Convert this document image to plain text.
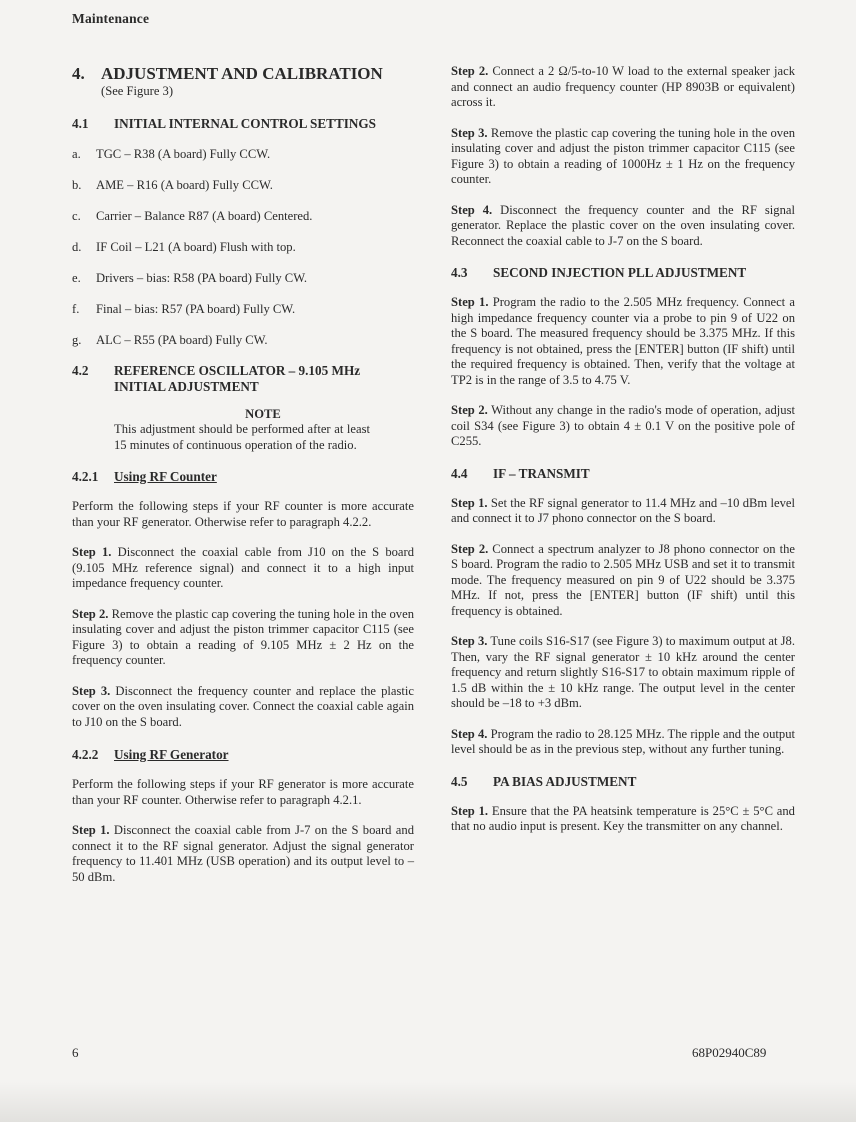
Maintenance
4. ADJUSTMENT AND CALIBRATION
(See Figure 3)
4.1 INITIAL INTERNAL CONTROL SETTINGS
a. TGC – R38 (A board) Fully CCW.
b. AME – R16 (A board) Fully CCW.
c. Carrier – Balance R87 (A board) Centered.
d. IF Coil – L21 (A board) Flush with top.
e. Drivers – bias: R58 (PA board) Fully CW.
f. Final – bias: R57 (PA board) Fully CW.
g. ALC – R55 (PA board) Fully CW.
4.2 REFERENCE OSCILLATOR – 9.105 MHz INITIAL ADJUSTMENT
NOTE
This adjustment should be performed after at least 15 minutes of continuous operation of the radio.
4.2.1 Using RF Counter

Perform the following steps if your RF counter is more accurate than your RF generator. Otherwise refer to paragraph 4.2.2.

Step 1. Disconnect the coaxial cable from J10 on the S board (9.105 MHz reference signal) and connect it to a high input impedance frequency counter.

Step 2. Remove the plastic cap covering the tuning hole in the oven insulating cover and adjust the piston trimmer capacitor C115 (see Figure 3) to obtain a reading of 9.105 MHz ± 2 Hz on the frequency counter.

Step 3. Disconnect the frequency counter and replace the plastic cover on the oven insulating cover. Connect the coaxial cable again to J10 on the S board.

4.2.2 Using RF Generator

Perform the following steps if your RF generator is more accurate than your RF counter. Otherwise refer to paragraph 4.2.1.

Step 1. Disconnect the coaxial cable from J-7 on the S board and connect it to the RF signal generator. Adjust the signal generator frequency to 11.401 MHz (USB operation) and its output level to –50 dBm.

Step 2. Connect a 2 Ω/5-to-10 W load to the external speaker jack and connect an audio frequency counter (HP 8903B or equivalent) across it.

Step 3. Remove the plastic cap covering the tuning hole in the oven insulating cover and adjust the piston trimmer capacitor C115 (see Figure 3) to obtain a reading of 1000Hz ± 1 Hz on the frequency counter.

Step 4. Disconnect the frequency counter and the RF signal generator. Replace the plastic cover on the oven insulating cover. Reconnect the coaxial cable to J-7 on the S board.

4.3 SECOND INJECTION PLL ADJUSTMENT

Step 1. Program the radio to the 2.505 MHz frequency. Connect a high impedance frequency counter via a probe to pin 9 of U22 on the S board. The measured frequency should be 3.375 MHz. If this frequency is not obtained, press the [ENTER] button (IF shift) until the required frequency is obtained. Then, verify that the voltage at TP2 is in the range of 3.5 to 4.75 V.

Step 2. Without any change in the radio's mode of operation, adjust coil S34 (see Figure 3) to obtain 4 ± 0.1 V on the positive pole of C255.

4.4 IF – TRANSMIT

Step 1. Set the RF signal generator to 11.4 MHz and –10 dBm level and connect it to J7 phono connector on the S board.

Step 2. Connect a spectrum analyzer to J8 phono connector on the S board. Program the radio to 2.505 MHz USB and set it to transmit mode. The frequency measured on pin 9 of U22 should be 3.375 MHz. If not, press the [ENTER] button (IF shift) until this frequency is obtained.

Step 3. Tune coils S16-S17 (see Figure 3) to maximum output at J8. Then, vary the RF signal generator ± 10 kHz around the center frequency and return slightly S16-S17 to obtain maximum ripple of 1.5 dB within the ± 10 kHz range. The output level in the center should be –18 to +3 dBm.

Step 4. Program the radio to 28.125 MHz. The ripple and the output level should be as in the previous step, without any further tuning.

4.5 PA BIAS ADJUSTMENT

Step 1. Ensure that the PA heatsink temperature is 25°C ± 5°C and that no audio input is present. Key the transmitter on any channel.

6	68P02940C89
